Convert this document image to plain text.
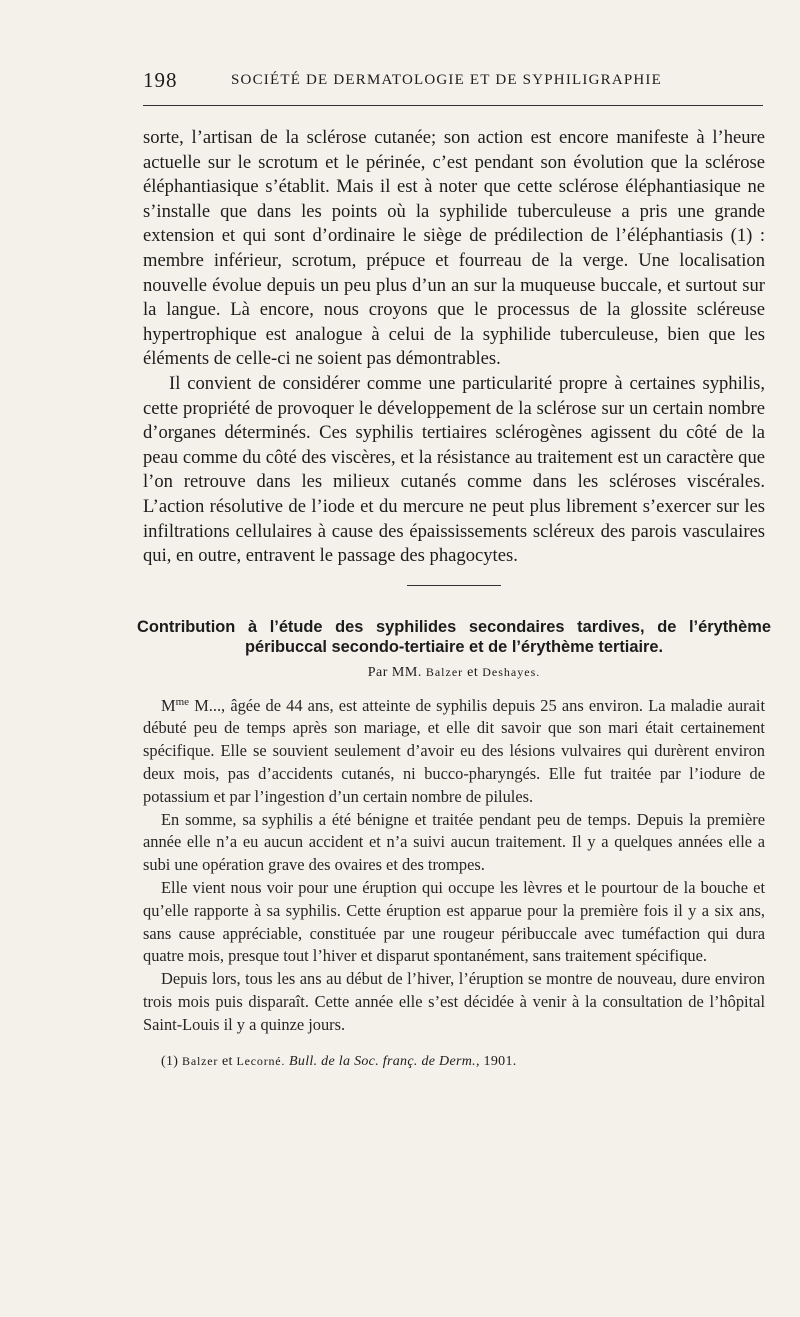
198	SOCIÉTÉ DE DERMATOLOGIE ET DE SYPHILIGRAPHIE

sorte, l’artisan de la sclérose cutanée; son action est encore manifeste à l’heure actuelle sur le scrotum et le périnée, c’est pendant son évolution que la sclérose éléphantiasique s’établit. Mais il est à noter que cette sclérose éléphantiasique ne s’installe que dans les points où la syphilide tuberculeuse a pris une grande extension et qui sont d’ordinaire le siège de prédilection de l’éléphantiasis (1) : membre inférieur, scrotum, prépuce et fourreau de la verge. Une localisation nouvelle évolue depuis un peu plus d’un an sur la muqueuse buccale, et surtout sur la langue. Là encore, nous croyons que le processus de la glossite scléreuse hypertrophique est analogue à celui de la syphilide tuberculeuse, bien que les éléments de celle-ci ne soient pas démontrables.

Il convient de considérer comme une particularité propre à certaines syphilis, cette propriété de provoquer le développement de la sclérose sur un certain nombre d’organes déterminés. Ces syphilis tertiaires sclérogènes agissent du côté de la peau comme du côté des viscères, et la résistance au traitement est un caractère que l’on retrouve dans les milieux cutanés comme dans les scléroses viscérales. L’action résolutive de l’iode et du mercure ne peut plus librement s’exercer sur les infiltrations cellulaires à cause des épaississements scléreux des parois vasculaires qui, en outre, entravent le passage des phagocytes.

Contribution à l’étude des syphilides secondaires tardives, de l’érythème péribuccal secondo-tertiaire et de l’érythème tertiaire.
Par MM. Balzer et Deshayes.

$M^{me}$ M..., âgée de 44 ans, est atteinte de syphilis depuis 25 ans environ. La maladie aurait débuté peu de temps après son mariage, et elle dit savoir que son mari était certainement spécifique. Elle se souvient seulement d’avoir eu des lésions vulvaires qui durèrent environ deux mois, pas d’accidents cutanés, ni bucco-pharyngés. Elle fut traitée par l’iodure de potassium et par l’ingestion d’un certain nombre de pilules.

En somme, sa syphilis a été bénigne et traitée pendant peu de temps. Depuis la première année elle n’a eu aucun accident et n’a suivi aucun traitement. Il y a quelques années elle a subi une opération grave des ovaires et des trompes.

Elle vient nous voir pour une éruption qui occupe les lèvres et le pourtour de la bouche et qu’elle rapporte à sa syphilis. Cette éruption est apparue pour la première fois il y a six ans, sans cause appréciable, constituée par une rougeur péribuccale avec tuméfaction qui dura quatre mois, presque tout l’hiver et disparut spontanément, sans traitement spécifique.

Depuis lors, tous les ans au début de l’hiver, l’éruption se montre de nouveau, dure environ trois mois puis disparaît. Cette année elle s’est décidée à venir à la consultation de l’hôpital Saint-Louis il y a quinze jours.

(1) Balzer et Lecorné. Bull. de la Soc. franç. de Derm., 1901.
